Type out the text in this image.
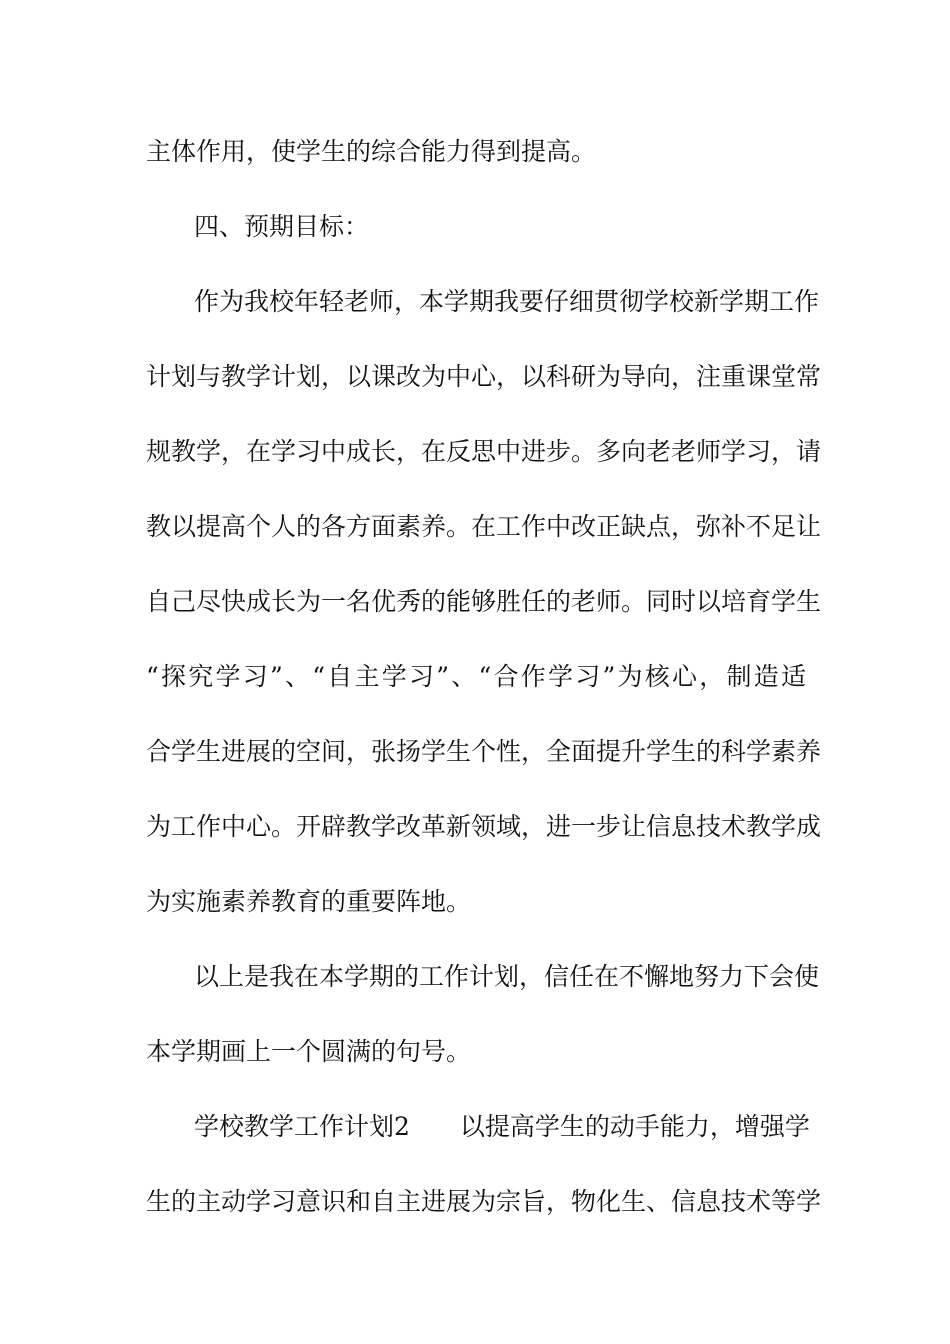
主体作用，使学生的综合能力得到提高。
四、预期目标：
作为我校年轻老师，本学期我要仔细贯彻学校新学期工作
计划与教学计划，以课改为中心，以科研为导向，注重课堂常
规教学，在学习中成长，在反思中进步。多向老老师学习，请
教以提高个人的各方面素养。在工作中改正缺点，弥补不足让
自己尽快成长为一名优秀的能够胜任的老师。同时以培育学生
“探究学习”、“自主学习”、“合作学习”为核心，制造适
合学生进展的空间，张扬学生个性，全面提升学生的科学素养
为工作中心。开辟教学改革新领域，进一步让信息技术教学成
为实施素养教育的重要阵地。
以上是我在本学期的工作计划，信任在不懈地努力下会使
本学期画上一个圆满的句号。
学校教学工作计划2 以提高学生的动手能力，增强学
生的主动学习意识和自主进展为宗旨，物化生、信息技术等学
